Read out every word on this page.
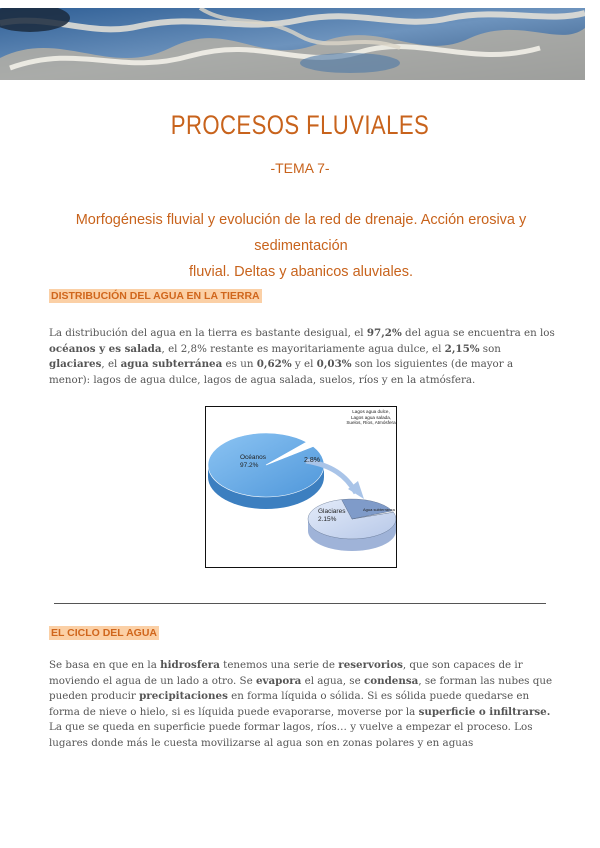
PROCESOS FLUVIALES
-TEMA 7-
Morfogénesis fluvial y evolución de la red de drenaje. Acción erosiva y sedimentación
fluvial. Deltas y abanicos aluviales.
DISTRIBUCIÓN DEL AGUA EN LA TIERRA
La distribución del agua en la tierra es bastante desigual, el 97,2% del agua se encuentra en los océanos y es salada, el 2,8% restante es mayoritariamente agua dulce, el 2,15% son glaciares, el agua subterránea es un 0,62% y el 0,03% son los siguientes (de mayor a menor): lagos de agua dulce, lagos de agua salada, suelos, ríos y en la atmósfera.
Océanos
97.2%
2.8%
Glaciares
2.15%
Agua subterránea
Lagos agua dulce, Lagos agua salada, Suelos, Ríos, Atmósfera
EL CICLO DEL AGUA
Se basa en que en la hidrosfera tenemos una serie de reservorios, que son capaces de ir moviendo el agua de un lado a otro. Se evapora el agua, se condensa, se forman las nubes que pueden producir precipitaciones en forma líquida o sólida. Si es sólida puede quedarse en forma de nieve o hielo, si es líquida puede evaporarse, moverse por la superficie o infiltrarse. La que se queda en superficie puede formar lagos, ríos… y vuelve a empezar el proceso. Los lugares donde más le cuesta movilizarse al agua son en zonas polares y en aguas
